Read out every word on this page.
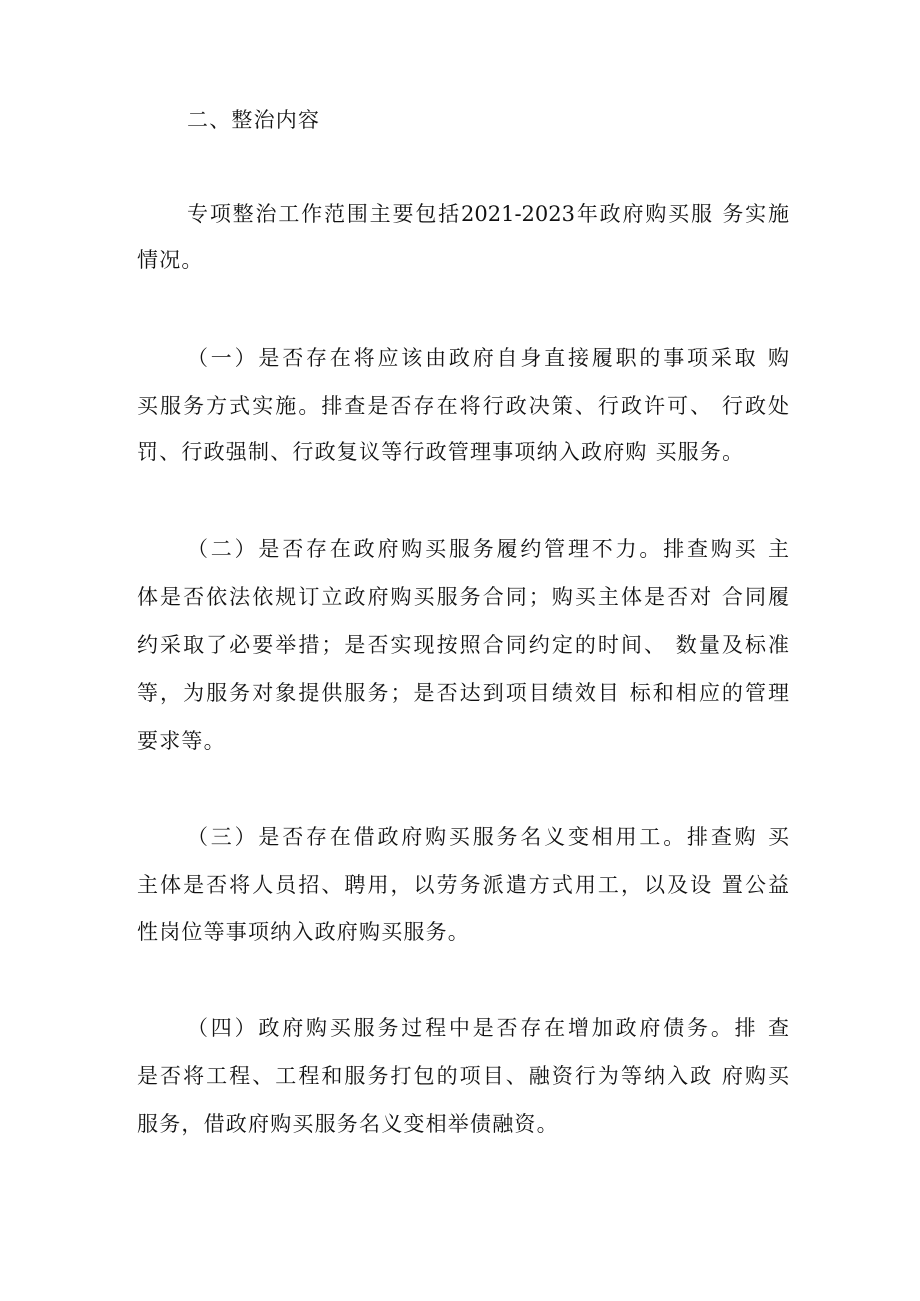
二、整治内容
专项整治工作范围主要包括2021-2023年政府购买服 务实施
情况。
（一）是否存在将应该由政府自身直接履职的事项采取 购
买服务方式实施。排查是否存在将行政决策、行政许可、 行政处
罚、行政强制、行政复议等行政管理事项纳入政府购 买服务。
（二）是否存在政府购买服务履约管理不力。排查购买 主
体是否依法依规订立政府购买服务合同；购买主体是否对 合同履
约采取了必要举措；是否实现按照合同约定的时间、 数量及标准
等，为服务对象提供服务；是否达到项目绩效目 标和相应的管理
要求等。
（三）是否存在借政府购买服务名义变相用工。排查购 买
主体是否将人员招、聘用，以劳务派遣方式用工，以及设 置公益
性岗位等事项纳入政府购买服务。
（四）政府购买服务过程中是否存在增加政府债务。排 查
是否将工程、工程和服务打包的项目、融资行为等纳入政 府购买
服务，借政府购买服务名义变相举债融资。
